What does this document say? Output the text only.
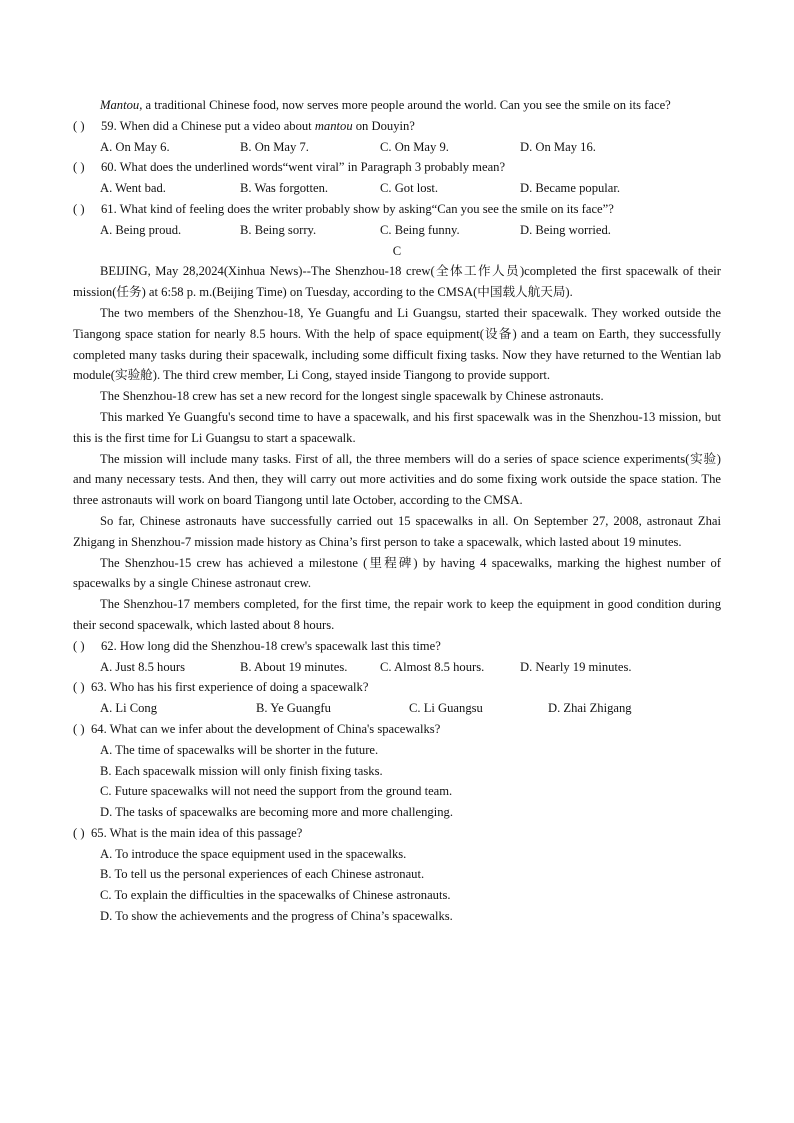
Mantou, a traditional Chinese food, now serves more people around the world. Can you see the smile on its face?

( ) 59. When did a Chinese put a video about mantou on Douyin?

A. On May 6.	B. On May 7.	C. On May 9.	D. On May 16.

( ) 60. What does the underlined words“went viral” in Paragraph 3 probably mean?

A. Went bad.	B. Was forgotten.	C. Got lost.	D. Became popular.

( ) 61. What kind of feeling does the writer probably show by asking“Can you see the smile on its face”?

A. Being proud.	B. Being sorry.	C. Being funny.	D. Being worried.

C

BEIJING, May 28,2024(Xinhua News)--The Shenzhou-18 crew(全体工作人员)completed the first spacewalk of their mission(任务) at 6:58 p. m.(Beijing Time) on Tuesday, according to the CMSA(中国载人航天局).

The two members of the Shenzhou-18, Ye Guangfu and Li Guangsu, started their spacewalk. They worked outside the Tiangong space station for nearly 8.5 hours. With the help of space equipment(设备) and a team on Earth, they successfully completed many tasks during their spacewalk, including some difficult fixing tasks. Now they have returned to the Wentian lab module(实验舱). The third crew member, Li Cong, stayed inside Tiangong to provide support.

The Shenzhou-18 crew has set a new record for the longest single spacewalk by Chinese astronauts.

This marked Ye Guangfu's second time to have a spacewalk, and his first spacewalk was in the Shenzhou-13 mission, but this is the first time for Li Guangsu to start a spacewalk.

The mission will include many tasks. First of all, the three members will do a series of space science experiments(实验) and many necessary tests. And then, they will carry out more activities and do some fixing work outside the space station. The three astronauts will work on board Tiangong until late October, according to the CMSA.

So far, Chinese astronauts have successfully carried out 15 spacewalks in all. On September 27, 2008, astronaut Zhai Zhigang in Shenzhou-7 mission made history as China’s first person to take a spacewalk, which lasted about 19 minutes.

The Shenzhou-15 crew has achieved a milestone (里程碑) by having 4 spacewalks, marking the highest number of spacewalks by a single Chinese astronaut crew.

The Shenzhou-17 members completed, for the first time, the repair work to keep the equipment in good condition during their second spacewalk, which lasted about 8 hours.

( ) 62. How long did the Shenzhou-18 crew's spacewalk last this time?

A. Just 8.5 hours	B. About 19 minutes.	C. Almost 8.5 hours.	D. Nearly 19 minutes.

( ) 63. Who has his first experience of doing a spacewalk?

A. Li Cong	B. Ye Guangfu	C. Li Guangsu	D. Zhai Zhigang

( ) 64. What can we infer about the development of China's spacewalks?

A. The time of spacewalks will be shorter in the future.

B. Each spacewalk mission will only finish fixing tasks.

C. Future spacewalks will not need the support from the ground team.

D. The tasks of spacewalks are becoming more and more challenging.

( ) 65. What is the main idea of this passage?

A. To introduce the space equipment used in the spacewalks.

B. To tell us the personal experiences of each Chinese astronaut.

C. To explain the difficulties in the spacewalks of Chinese astronauts.

D. To show the achievements and the progress of China’s spacewalks.
